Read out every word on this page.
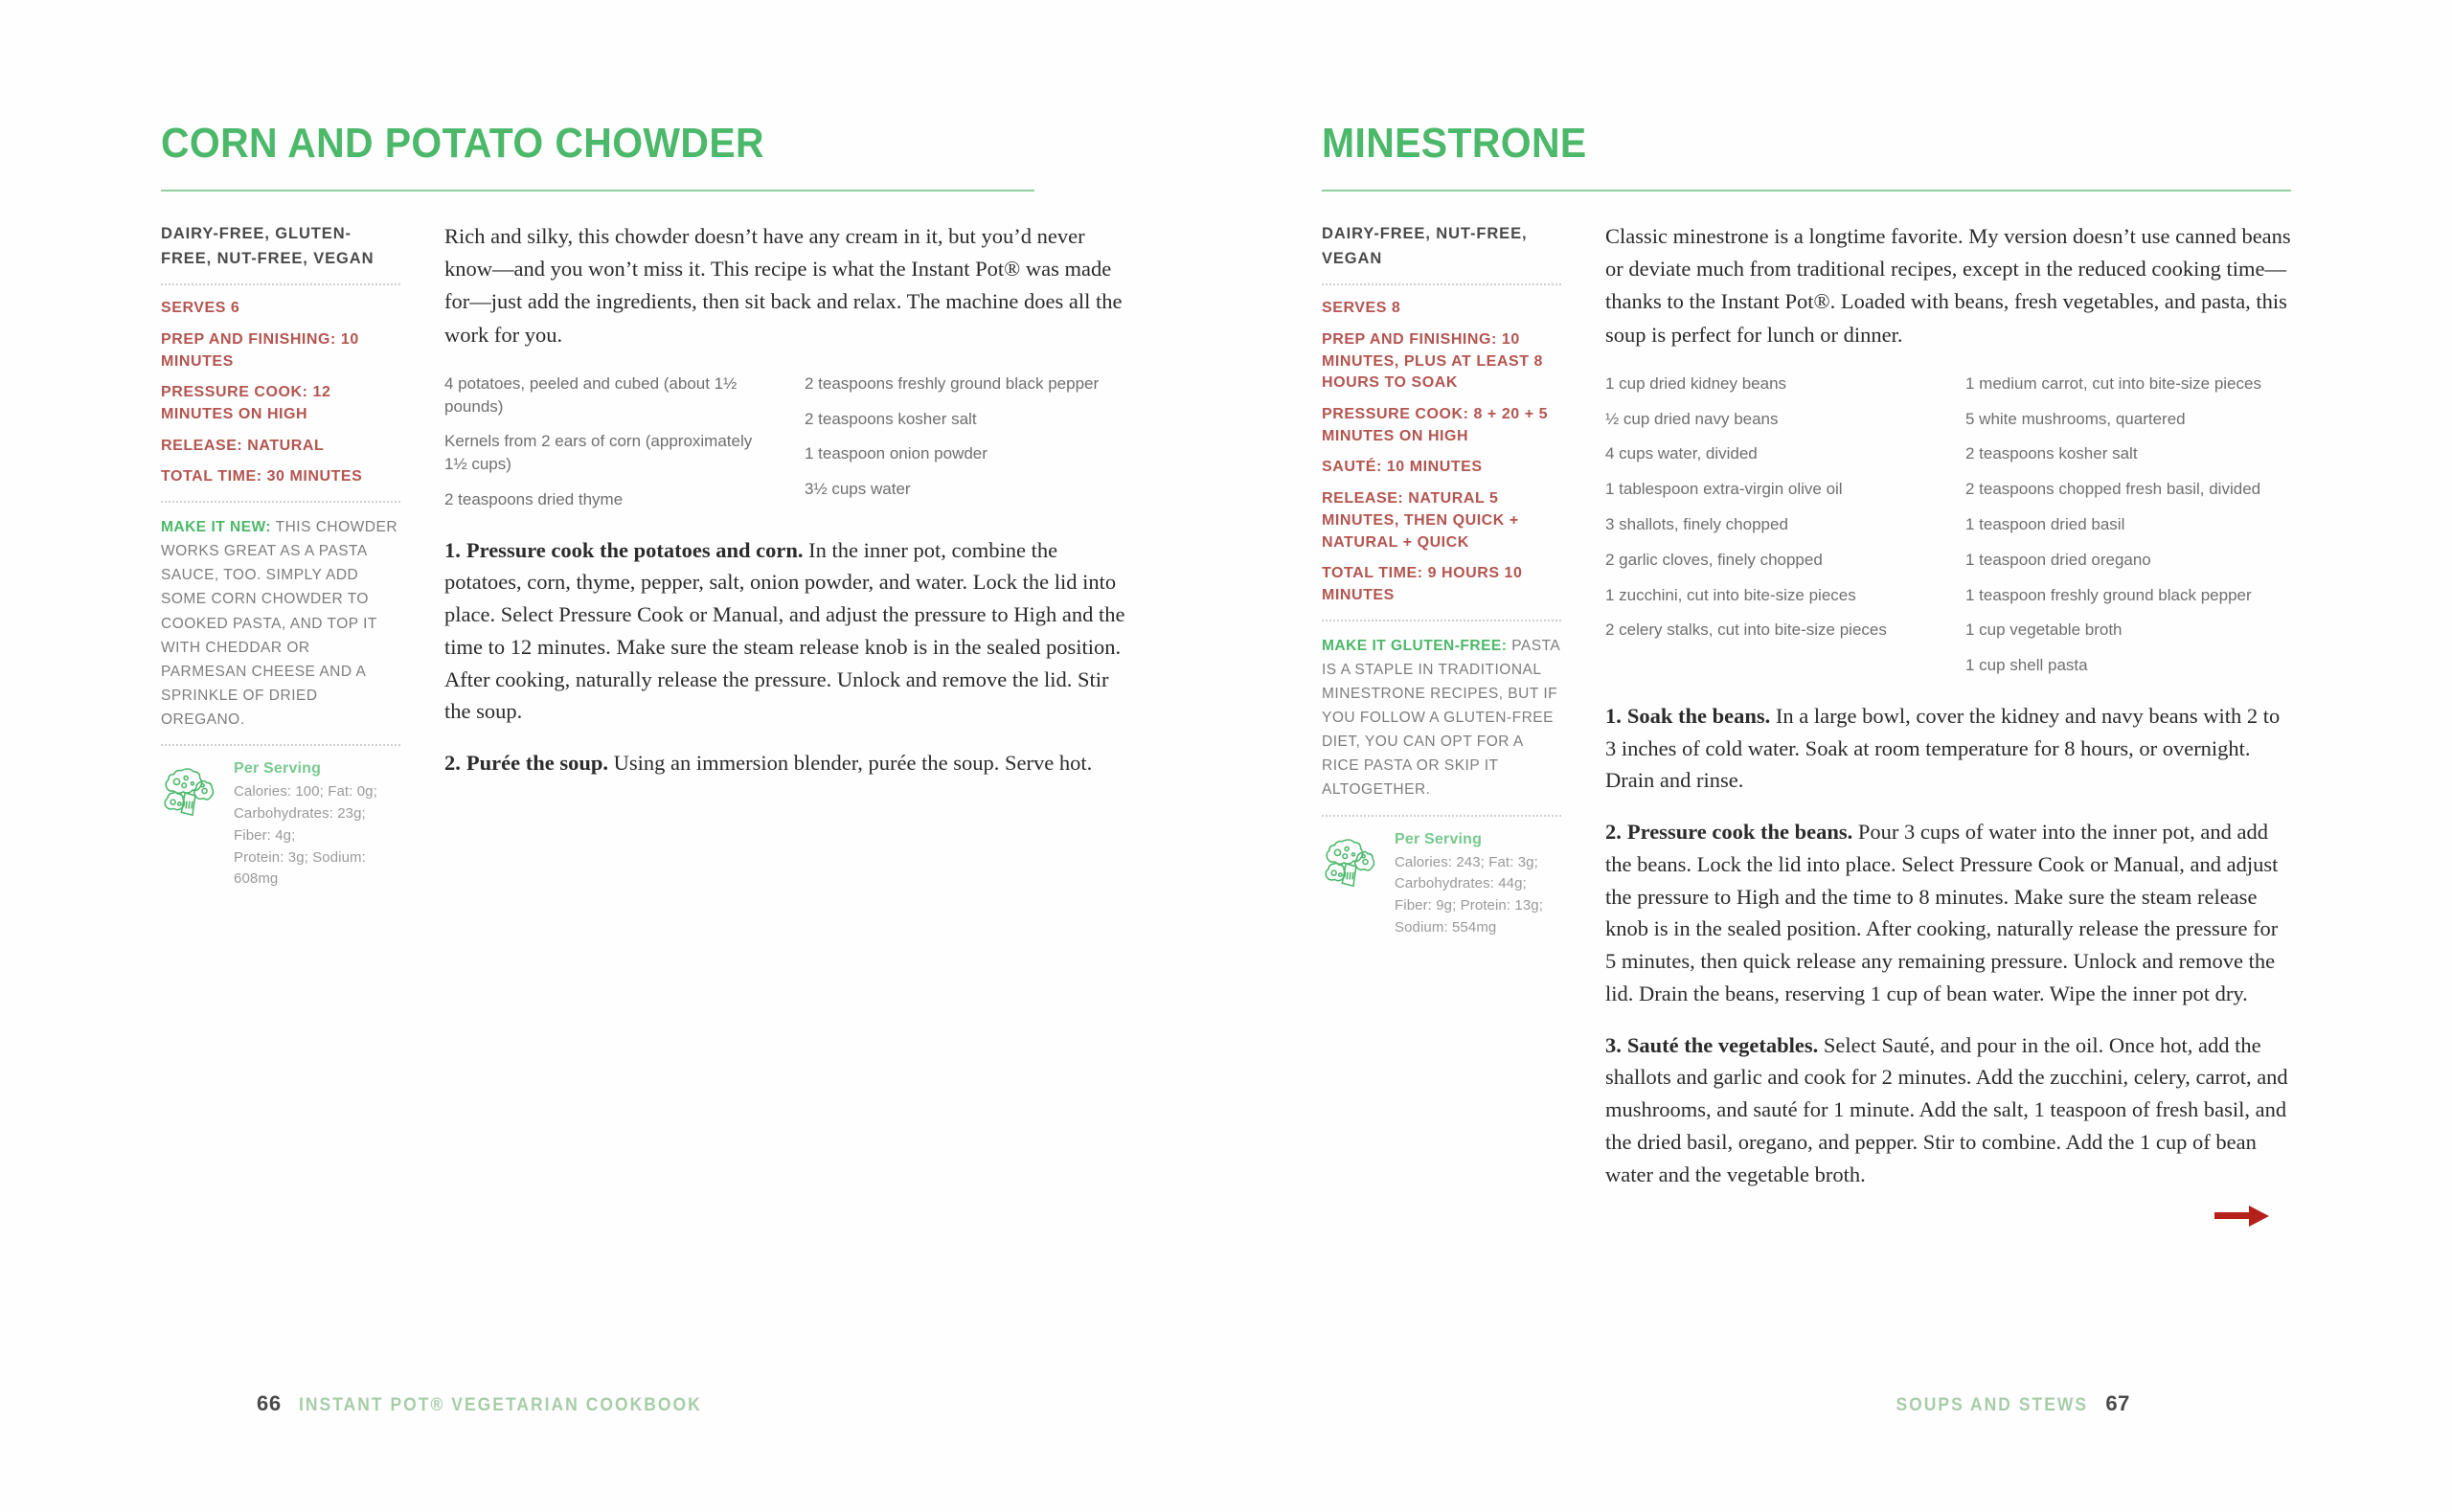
CORN AND POTATO CHOWDER
DAIRY-FREE, GLUTEN-FREE, NUT-FREE, VEGAN
SERVES 6
PREP AND FINISHING: 10 MINUTES
PRESSURE COOK: 12 MINUTES ON HIGH
RELEASE: NATURAL
TOTAL TIME: 30 MINUTES
MAKE IT NEW: THIS CHOWDER WORKS GREAT AS A PASTA SAUCE, TOO. SIMPLY ADD SOME CORN CHOWDER TO COOKED PASTA, AND TOP IT WITH CHEDDAR OR PARMESAN CHEESE AND A SPRINKLE OF DRIED OREGANO.
Per Serving
Calories: 100; Fat: 0g;
Carbohydrates: 23g; Fiber: 4g;
Protein: 3g; Sodium: 608mg

Rich and silky, this chowder doesn’t have any cream in it, but you’d never know—and you won’t miss it. This recipe is what the Instant Pot® was made for—just add the ingredients, then sit back and relax. The machine does all the work for you.

4 potatoes, peeled and cubed (about 1½ pounds)
Kernels from 2 ears of corn (approximately 1½ cups)
2 teaspoons dried thyme
2 teaspoons freshly ground black pepper
2 teaspoons kosher salt
1 teaspoon onion powder
3½ cups water
1. Pressure cook the potatoes and corn. In the inner pot, combine the potatoes, corn, thyme, pepper, salt, onion powder, and water. Lock the lid into place. Select Pressure Cook or Manual, and adjust the pressure to High and the time to 12 minutes. Make sure the steam release knob is in the sealed position. After cooking, naturally release the pressure. Unlock and remove the lid. Stir the soup.
2. Purée the soup. Using an immersion blender, purée the soup. Serve hot.
66 INSTANT POT® VEGETARIAN COOKBOOK
MINESTRONE
DAIRY-FREE, NUT-FREE, VEGAN
SERVES 8
PREP AND FINISHING: 10 MINUTES, PLUS AT LEAST 8 HOURS TO SOAK
PRESSURE COOK: 8 + 20 + 5 MINUTES ON HIGH
SAUTÉ: 10 MINUTES
RELEASE: NATURAL 5 MINUTES, THEN QUICK + NATURAL + QUICK
TOTAL TIME: 9 HOURS 10 MINUTES
MAKE IT GLUTEN-FREE: PASTA IS A STAPLE IN TRADITIONAL MINESTRONE RECIPES, BUT IF YOU FOLLOW A GLUTEN-FREE DIET, YOU CAN OPT FOR A RICE PASTA OR SKIP IT ALTOGETHER.
Per Serving
Calories: 243; Fat: 3g;
Carbohydrates: 44g;
Fiber: 9g; Protein: 13g;
Sodium: 554mg

Classic minestrone is a longtime favorite. My version doesn’t use canned beans or deviate much from traditional recipes, except in the reduced cooking time—thanks to the Instant Pot®. Loaded with beans, fresh vegetables, and pasta, this soup is perfect for lunch or dinner.

1 cup dried kidney beans
½ cup dried navy beans
4 cups water, divided
1 tablespoon extra-virgin olive oil
3 shallots, finely chopped
2 garlic cloves, finely chopped
1 zucchini, cut into bite-size pieces
2 celery stalks, cut into bite-size pieces
1 medium carrot, cut into bite-size pieces
5 white mushrooms, quartered
2 teaspoons kosher salt
2 teaspoons chopped fresh basil, divided
1 teaspoon dried basil
1 teaspoon dried oregano
1 teaspoon freshly ground black pepper
1 cup vegetable broth
1 cup shell pasta
1. Soak the beans. In a large bowl, cover the kidney and navy beans with 2 to 3 inches of cold water. Soak at room temperature for 8 hours, or overnight. Drain and rinse.
2. Pressure cook the beans. Pour 3 cups of water into the inner pot, and add the beans. Lock the lid into place. Select Pressure Cook or Manual, and adjust the pressure to High and the time to 8 minutes. Make sure the steam release knob is in the sealed position. After cooking, naturally release the pressure for 5 minutes, then quick release any remaining pressure. Unlock and remove the lid. Drain the beans, reserving 1 cup of bean water. Wipe the inner pot dry.
3. Sauté the vegetables. Select Sauté, and pour in the oil. Once hot, add the shallots and garlic and cook for 2 minutes. Add the zucchini, celery, carrot, and mushrooms, and sauté for 1 minute. Add the salt, 1 teaspoon of fresh basil, and the dried basil, oregano, and pepper. Stir to combine. Add the 1 cup of bean water and the vegetable broth.
SOUPS AND STEWS 67
